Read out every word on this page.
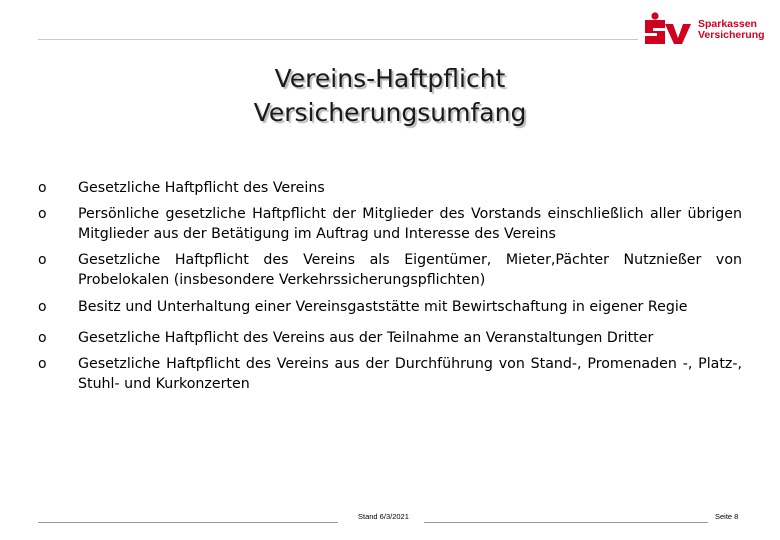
Sparkassen
Versicherung
Vereins-Haftpflicht
Versicherungsumfang
o Gesetzliche Haftpflicht des Vereins
o Persönliche gesetzliche Haftpflicht der Mitglieder des Vorstands einschließlich aller übrigen Mitglieder aus der Betätigung im Auftrag und Interesse des Vereins
o Gesetzliche Haftpflicht des Vereins als Eigentümer, Mieter,Pächter Nutznießer von Probelokalen (insbesondere Verkehrssicherungspflichten)
o Besitz und Unterhaltung einer Vereinsgaststätte mit Bewirtschaftung in eigener Regie
o Gesetzliche Haftpflicht des Vereins aus der Teilnahme an Veranstaltungen Dritter
o Gesetzliche Haftpflicht des Vereins aus der Durchführung von Stand-, Promenaden -, Platz-, Stuhl- und Kurkonzerten
Stand 6/3/2021	Seite 8
